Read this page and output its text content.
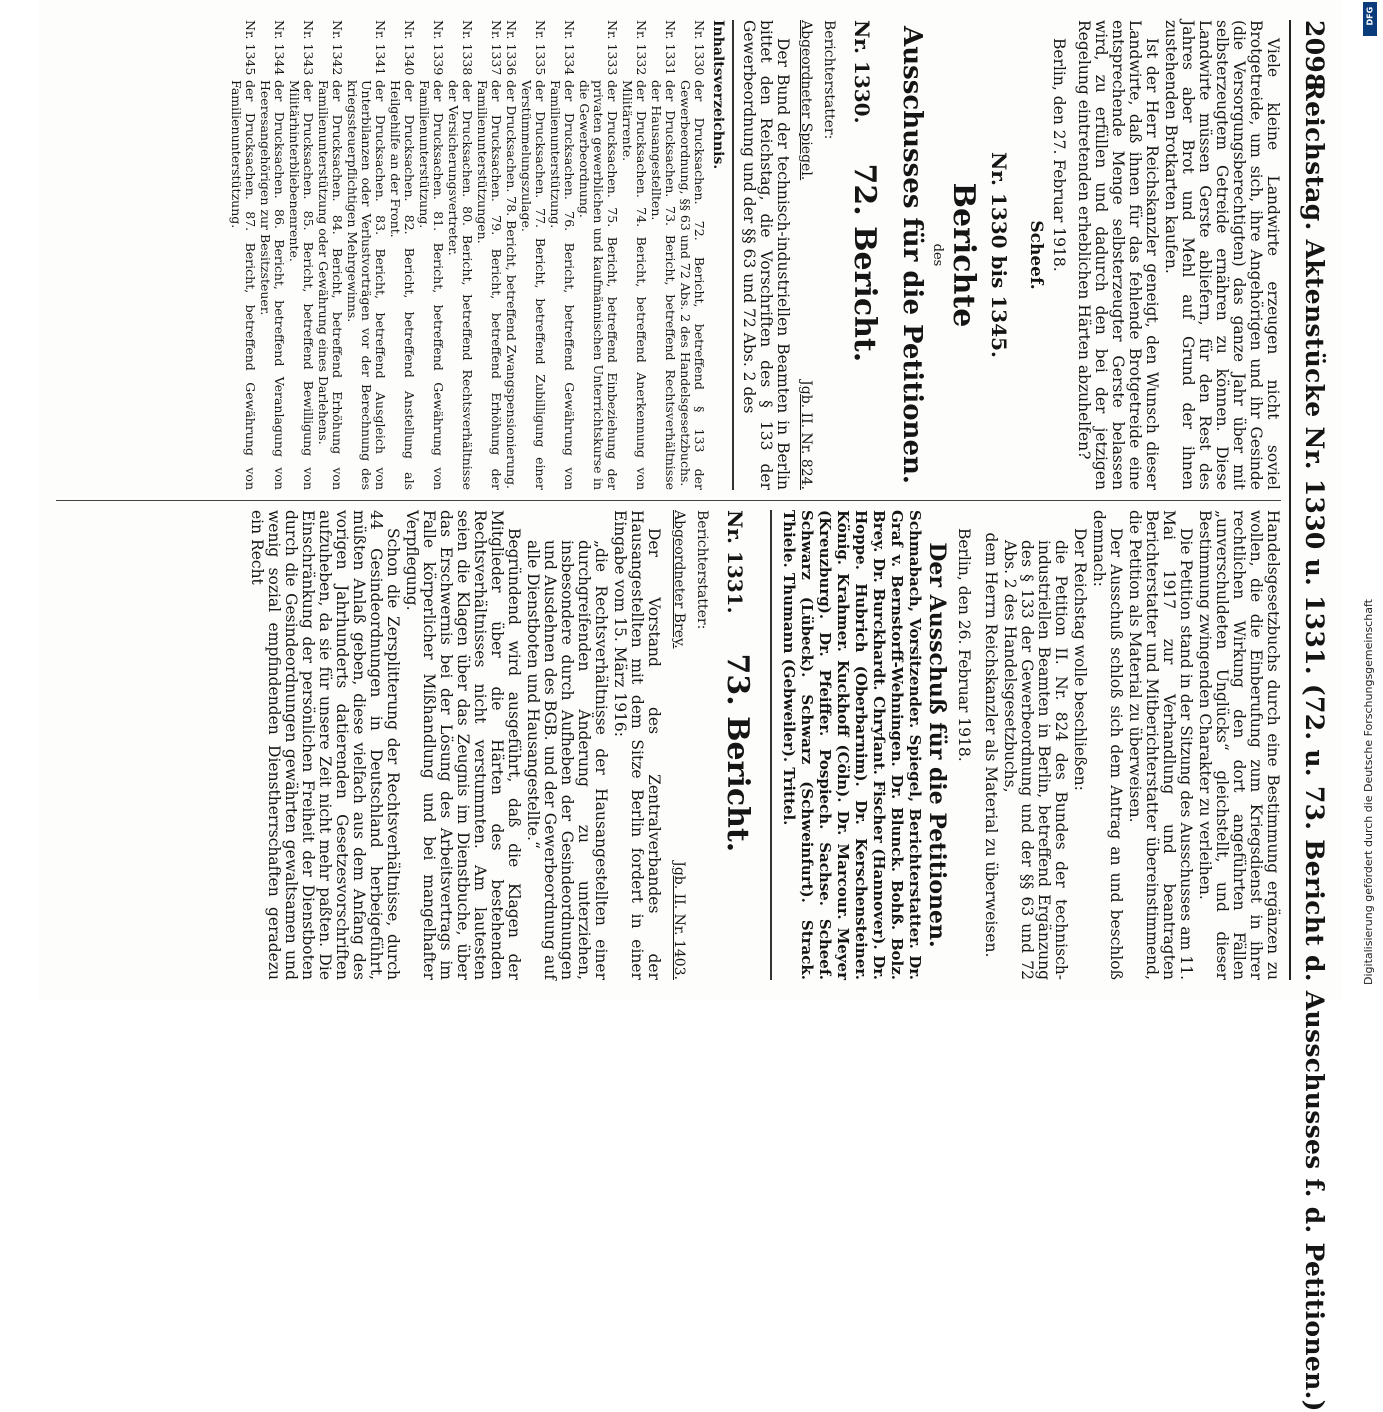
2098
Reichstag. Aktenstücke Nr. 1330 u. 1331. (72. u. 73. Bericht d. Ausschusses f. d. Petitionen.)

Viele kleine Landwirte erzeugen nicht soviel Brotgetreide, um sich, ihre Angehörigen und ihr Gesinde (die Versorgungsberechtigten) das ganze Jahr über mit selbsterzeugtem Getreide ernähren zu können. Diese Landwirte müssen Gerste abliefern, für den Rest des Jahres aber Brot und Mehl auf Grund der ihnen zustehenden Brotkarten kaufen.

Ist der Herr Reichskanzler geneigt, den Wunsch dieser Landwirte, daß ihnen für das fehlende Brotgetreide eine entsprechende Menge selbsterzeugter Gerste belassen wird, zu erfüllen und dadurch den bei der jetzigen Regelung eintretenden erheblichen Härten abzuhelfen?

Berlin, den 27. Februar 1918.

Scheef.

Nr. 1330 bis 1345.
Berichte
des
Ausschusses für die Petitionen.
Nr. 1330.
72. Bericht.
Berichterstatter:
Abgeordneter Spiegel.
Jgb. II. Nr. 824.

Der Bund der technisch-industriellen Beamten in Berlin bittet den Reichstag, die Vorschriften des § 133 der Gewerbeordnung und der §§ 63 und 72 Abs. 2 des

Inhaltsverzeichnis.

Nr. 1330
der Drucksachen. 72. Bericht, betreffend § 133 der Gewerbeordnung, §§ 63 und 72 Abs. 2 des Handelsgesetzbuchs.

Nr. 1331
der Drucksachen. 73. Bericht, betreffend Rechtsverhältnisse der Hausangestellten.

Nr. 1332
der Drucksachen. 74. Bericht, betreffend Anerkennung von Militärrente.

Nr. 1333
der Drucksachen. 75. Bericht, betreffend Einbeziehung der privaten gewerblichen und kaufmännischen Unterrichtskurse in die Gewerbeordnung.

Nr. 1334
der Drucksachen. 76. Bericht, betreffend Gewährung von Familienunterstützung.

Nr. 1335
der Drucksachen. 77. Bericht, betreffend Zubilligung einer Verstümmelungszulage.

Nr. 1336
der Drucksachen. 78. Bericht, betreffend Zwangspensionierung.

Nr. 1337
der Drucksachen. 79. Bericht, betreffend Erhöhung der Familienunterstützungen.

Nr. 1338
der Drucksachen. 80. Bericht, betreffend Rechtsverhältnisse der Versicherungsvertreter.

Nr. 1339
der Drucksachen. 81. Bericht, betreffend Gewährung von Familienunterstützung.

Nr. 1340
der Drucksachen. 82. Bericht, betreffend Anstellung als Heilgehilfe an der Front.

Nr. 1341
der Drucksachen. 83. Bericht, betreffend Ausgleich von Unterbilanzen oder Verlustvorträgen vor der Berechnung des kriegssteuerpflichtigen Mehrgewinns.

Nr. 1342
der Drucksachen. 84. Bericht, betreffend Erhöhung von Familienunterstützung oder Gewährung eines Darlehens.

Nr. 1343
der Drucksachen. 85. Bericht, betreffend Bewilligung von Militärhinterbliebenenrente.

Nr. 1344
der Drucksachen. 86. Bericht, betreffend Veranlagung von Heeresangehörigen zur Besitzsteuer.

Nr. 1345
der Drucksachen. 87. Bericht, betreffend Gewährung von Familienunterstützung.

Handelsgesetzbuchs durch eine Bestimmung ergänzen zu wollen, die die Einberufung zum Kriegsdienst in ihrer rechtlichen Wirkung den dort angeführten Fällen „unverschuldeten Unglücks“ gleichstellt, und dieser Bestimmung zwingenden Charakter zu verleihen.

Die Petition stand in der Sitzung des Ausschusses am 11. Mai 1917 zur Verhandlung und beantragten Berichterstatter und Mitberichterstatter übereinstimmend, die Petition als Material zu überweisen.

Der Ausschuß schloß sich dem Antrag an und beschloß demnach:

Der Reichstag wolle beschließen:

die Petition II. Nr. 824 des Bundes der technisch-industriellen Beamten in Berlin, betreffend Ergänzung des § 133 der Gewerbeordnung und der §§ 63 und 72 Abs. 2 des Handelsgesetzbuchs,

dem Herrn Reichskanzler als Material zu überweisen.

Berlin, den 26. Februar 1918.

Der Ausschuß für die Petitionen.

Schmabach, Vorsitzender. Spiegel, Berichterstatter. Dr. Graf v. Bernstorff-Wehningen. Dr. Blunck. Bohß. Bolz. Brey. Dr. Burckhardt. Chryſant. Fischer (Hannover). Dr. Hoppe. Hubrich (Oberbarnim). Dr. Kerschensteiner. König. Krahmer. Kuckhoff (Cöln). Dr. Marcour. Meyer (Kreuzburg). Dr. Pfeiffer. Pospiech. Sachse. Scheef. Schwarz (Lübeck). Schwarz (Schweinfurt). Strack. Thiele. Thumann (Gebweiler). Trittel.

Nr. 1331.
73. Bericht.
Berichterstatter:
Abgeordneter Brey.
Jgb. II. Nr. 1403.

Der Vorstand des Zentralverbandes der Hausangestellten mit dem Sitze Berlin fordert in einer Eingabe vom 15. März 1916:

„die Rechtsverhältnisse der Hausangestellten einer durchgreifenden Änderung zu unterziehen, insbesondere durch Aufheben der Gesindeordnungen und Ausdehnen des BGB. und der Gewerbeordnung auf alle Dienstboten und Hausangestellte.“

Begründend wird ausgeführt, daß die Klagen der Mitglieder über die Härten des bestehenden Rechtsverhältnisses nicht verstummten. Am lautesten seien die Klagen über das Zeugnis im Dienstbuche, über das Erschwernis bei der Lösung des Arbeitsvertrags im Falle körperlicher Mißhandlung und bei mangelhafter Verpflegung.

Schon die Zersplitterung der Rechtsverhältnisse, durch 44 Gesindeordnungen in Deutschland herbeigeführt, müßten Anlaß geben, diese vielfach aus dem Anfang des vorigen Jahrhunderts datierenden Gesetzesvorschriften aufzuheben, da sie für unsere Zeit nicht mehr paßten. Die Einschränkung der persönlichen Freiheit der Dienstboten durch die Gesindeordnungen gewährten gewaltsamen und wenig sozial empfindenden Dienstherrschaften geradezu ein Recht

DFG
Digitalisierung gefördert durch die Deutsche Forschungsgemeinschaft
